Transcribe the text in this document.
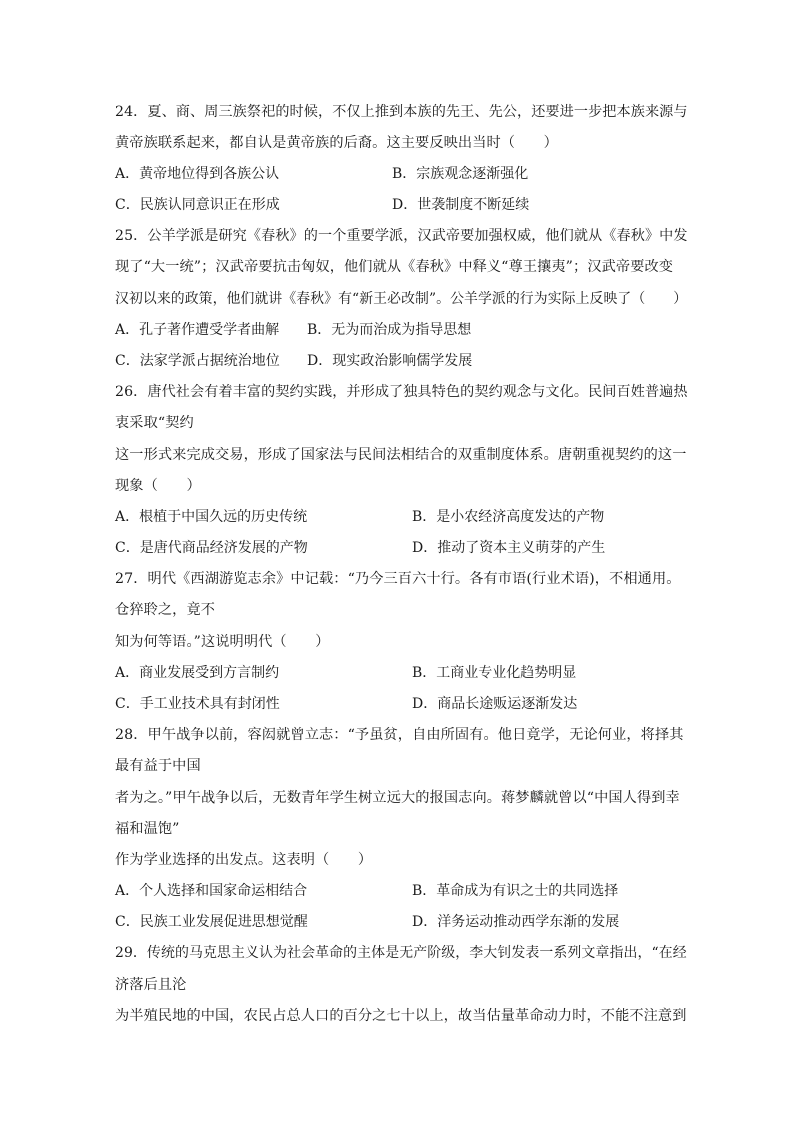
24．夏、商、周三族祭祀的时候，不仅上推到本族的先王、先公，还要进一步把本族来源与
黄帝族联系起来，都自认是黄帝族的后裔。这主要反映出当时（　　）
A．黄帝地位得到各族公认	B．宗族观念逐渐强化
C．民族认同意识正在形成	D．世袭制度不断延续
25．公羊学派是研究《春秋》的一个重要学派，汉武帝要加强权威，他们就从《春秋》中发
现了“大一统”；汉武帝要抗击匈奴，他们就从《春秋》中释义“尊王攘夷”；汉武帝要改变
汉初以来的政策，他们就讲《春秋》有“新王必改制”。公羊学派的行为实际上反映了（　　）
A．孔子著作遭受学者曲解 B．无为而治成为指导思想
C．法家学派占据统治地位 D．现实政治影响儒学发展
26．唐代社会有着丰富的契约实践，并形成了独具特色的契约观念与文化。民间百姓普遍热
衷采取“契约
这一形式来完成交易，形成了国家法与民间法相结合的双重制度体系。唐朝重视契约的这一
现象（　　）
A．根植于中国久远的历史传统	B．是小农经济高度发达的产物
C．是唐代商品经济发展的产物	D．推动了资本主义萌芽的产生
27．明代《西湖游览志余》中记载：“乃今三百六十行。各有市语(行业术语)，不相通用。
仓猝聆之，竟不
知为何等语。”这说明明代（　　）
A．商业发展受到方言制约	B．工商业专业化趋势明显
C．手工业技术具有封闭性	D．商品长途贩运逐渐发达
28．甲午战争以前，容闳就曾立志：“予虽贫，自由所固有。他日竟学，无论何业，将择其
最有益于中国
者为之。”甲午战争以后，无数青年学生树立远大的报国志向。蒋梦麟就曾以“中国人得到幸
福和温饱”
作为学业选择的出发点。这表明（　　）
A．个人选择和国家命运相结合	B．革命成为有识之士的共同选择
C．民族工业发展促进思想觉醒	D．洋务运动推动西学东渐的发展
29．传统的马克思主义认为社会革命的主体是无产阶级，李大钊发表一系列文章指出，“在经
济落后且沦
为半殖民地的中国，农民占总人口的百分之七十以上，故当估量革命动力时，不能不注意到
